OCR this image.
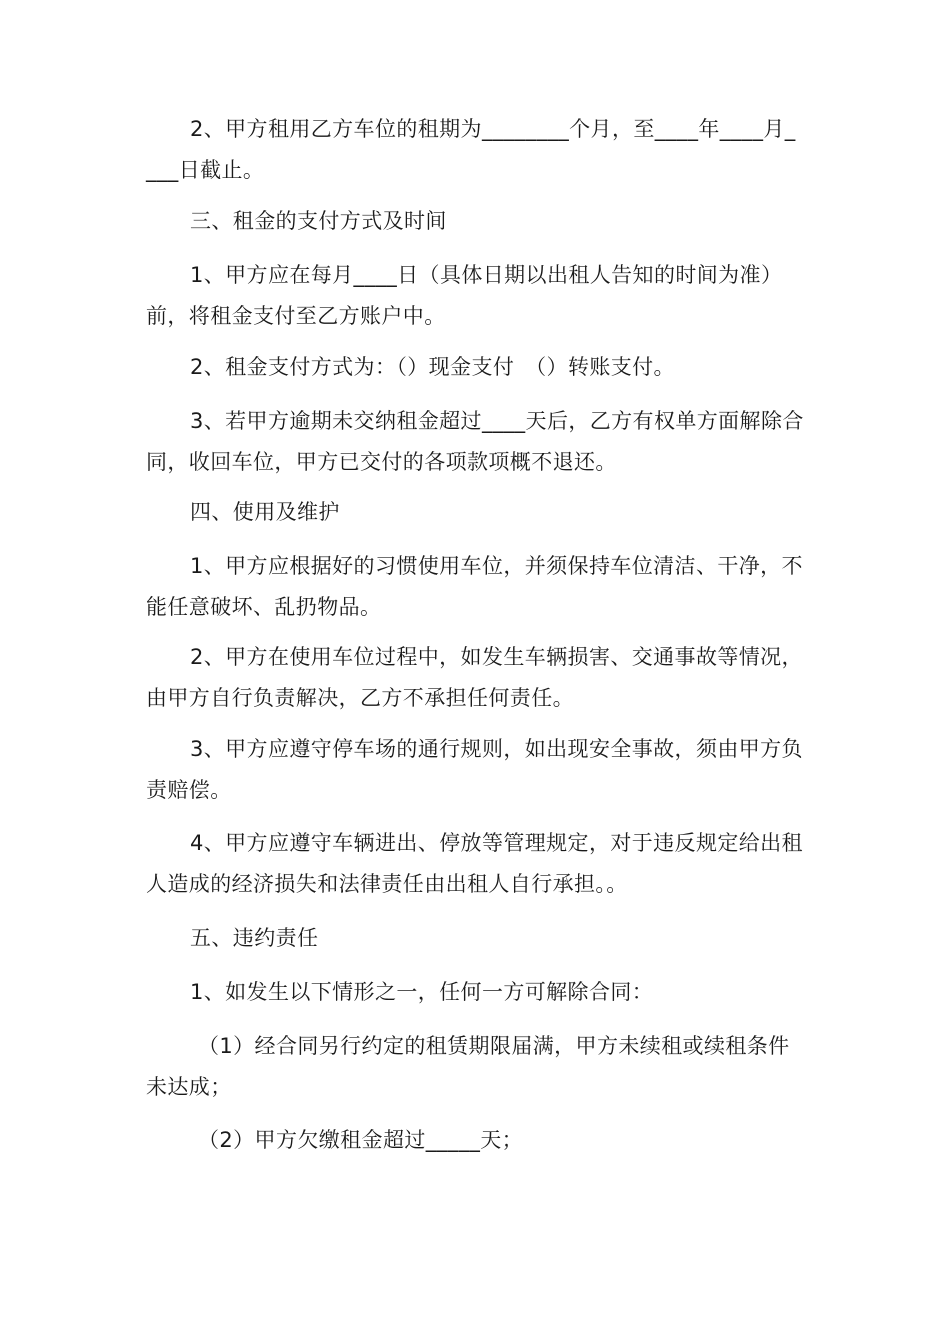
2、甲方租用乙方车位的租期为________个月，至____年____月____日截止。

三、租金的支付方式及时间

1、甲方应在每月____日（具体日期以出租人告知的时间为准）前，将租金支付至乙方账户中。

2、租金支付方式为：（）现金支付　（）转账支付。

3、若甲方逾期未交纳租金超过____天后，乙方有权单方面解除合同，收回车位，甲方已交付的各项款项概不退还。

四、使用及维护

1、甲方应根据好的习惯使用车位，并须保持车位清洁、干净，不能任意破坏、乱扔物品。

2、甲方在使用车位过程中，如发生车辆损害、交通事故等情况，由甲方自行负责解决，乙方不承担任何责任。

3、甲方应遵守停车场的通行规则，如出现安全事故，须由甲方负责赔偿。

4、甲方应遵守车辆进出、停放等管理规定，对于违反规定给出租人造成的经济损失和法律责任由出租人自行承担。。

五、违约责任

1、如发生以下情形之一，任何一方可解除合同：

（1）经合同另行约定的租赁期限届满，甲方未续租或续租条件未达成；

（2）甲方欠缴租金超过_____天；
